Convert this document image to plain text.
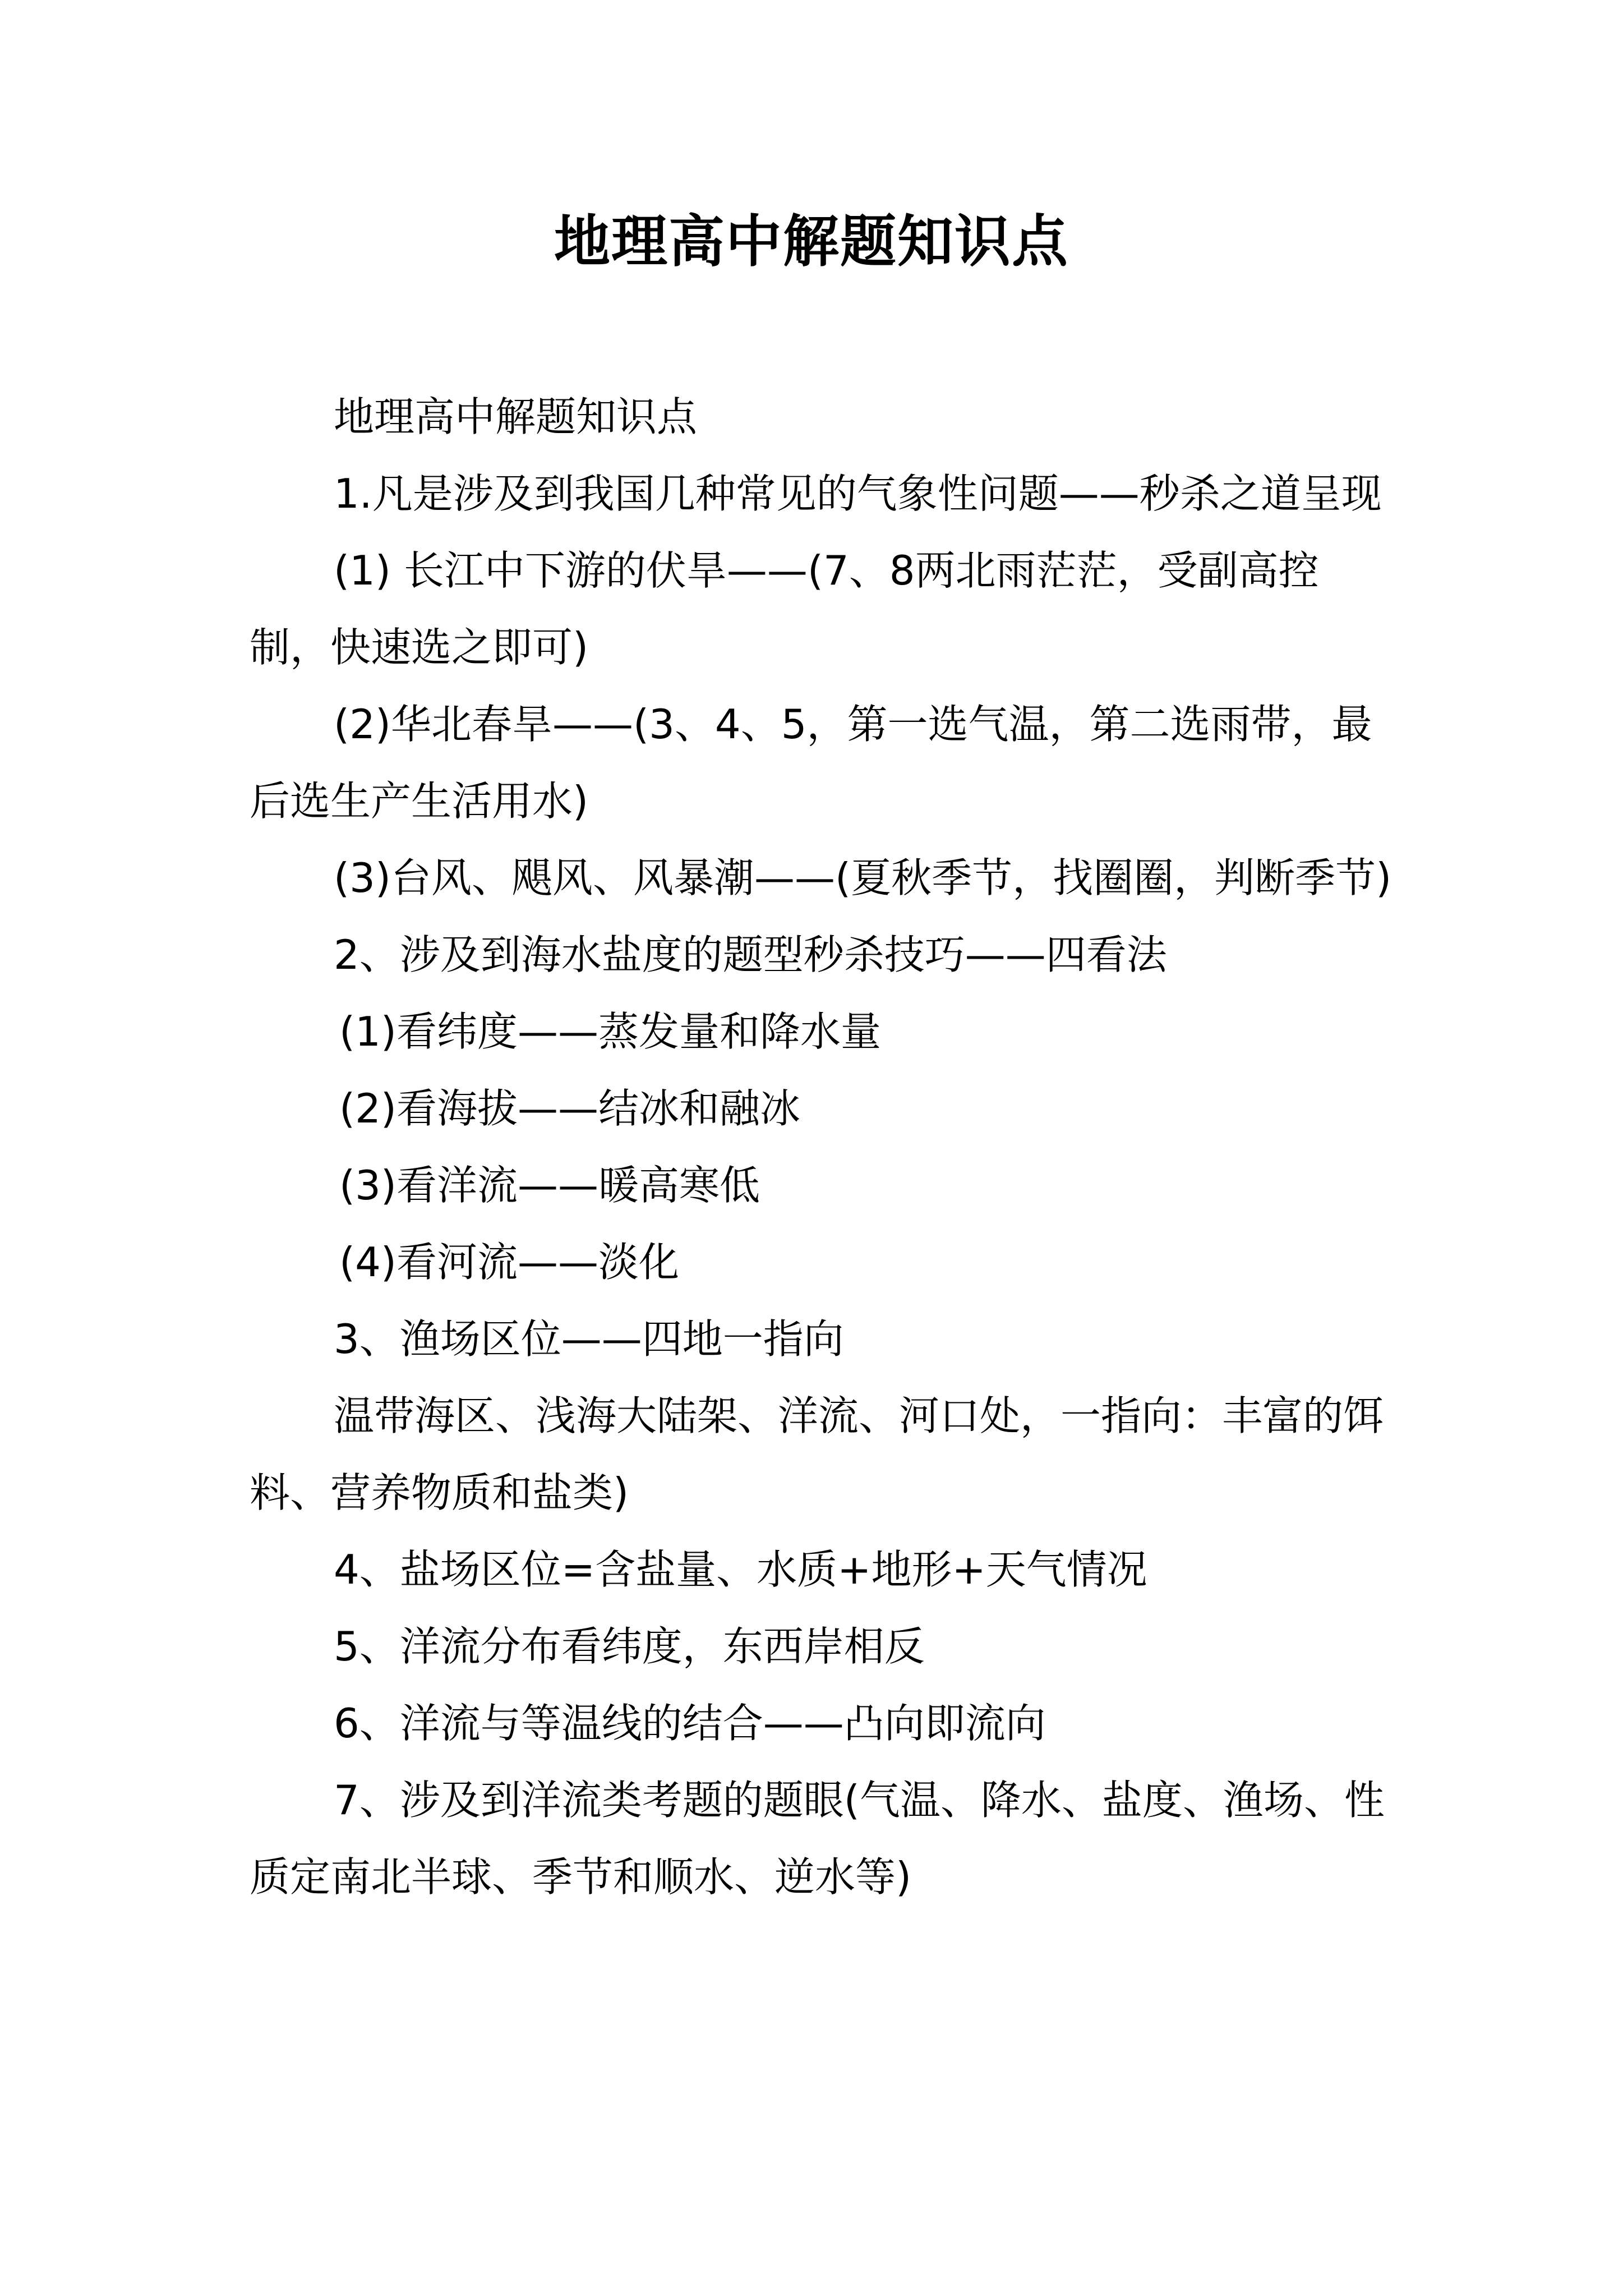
地理高中解题知识点

地理高中解题知识点

1.凡是涉及到我国几种常见的气象性问题——秒杀之道呈现

(1) 长江中下游的伏旱——(7、8两北雨茫茫，受副高控制，快速选之即可)

(2)华北春旱——(3、4、5，第一选气温，第二选雨带，最后选生产生活用水)

(3)台风、飓风、风暴潮——(夏秋季节，找圈圈，判断季节)

2、涉及到海水盐度的题型秒杀技巧——四看法

(1)看纬度——蒸发量和降水量

(2)看海拔——结冰和融冰

(3)看洋流——暖高寒低

(4)看河流——淡化

3、渔场区位——四地一指向

温带海区、浅海大陆架、洋流、河口处，一指向：丰富的饵料、营养物质和盐类)

4、盐场区位=含盐量、水质+地形+天气情况

5、洋流分布看纬度，东西岸相反

6、洋流与等温线的结合——凸向即流向

7、涉及到洋流类考题的题眼(气温、降水、盐度、渔场、性质定南北半球、季节和顺水、逆水等)
